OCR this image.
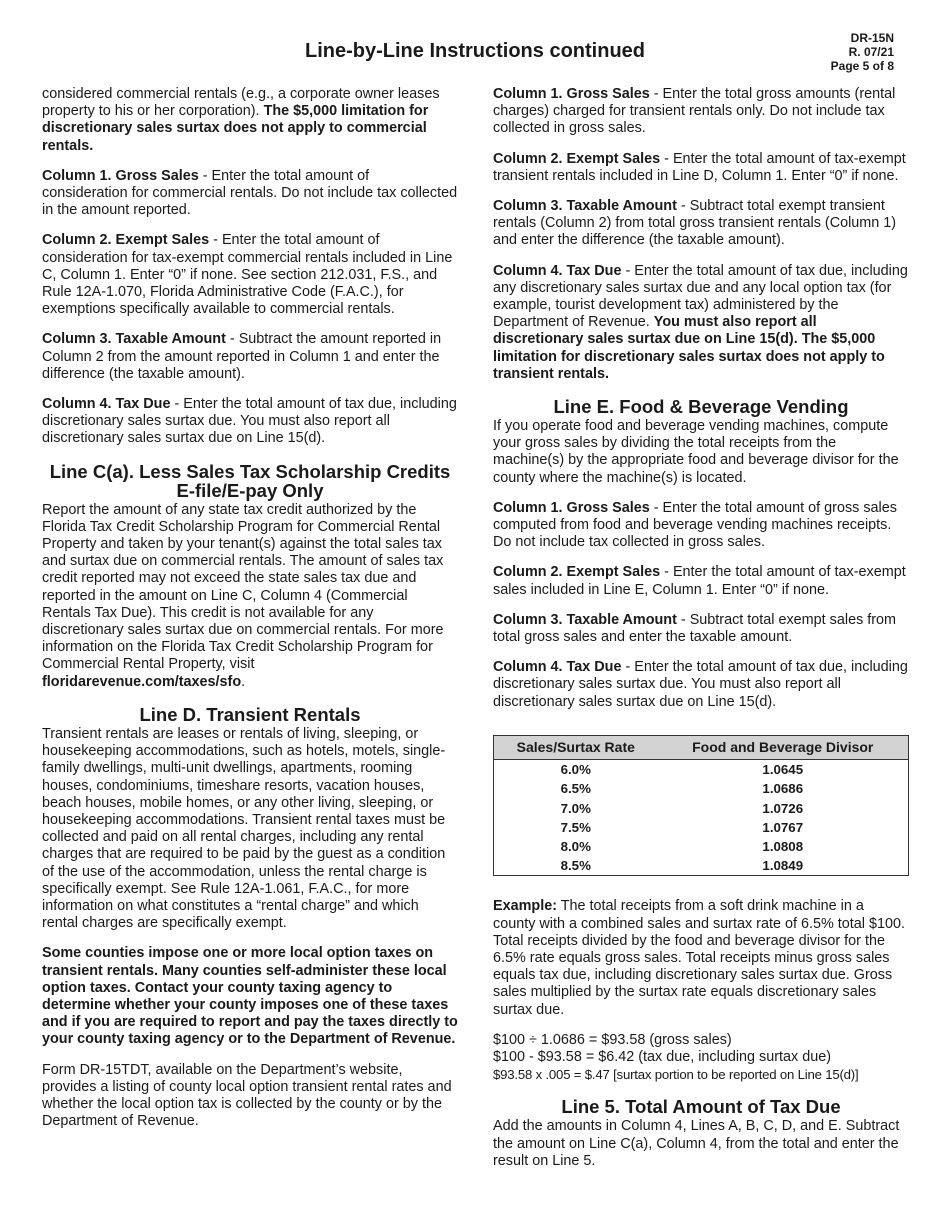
DR-15N
R. 07/21
Page 5 of 8
Line-by-Line Instructions continued

considered commercial rentals (e.g., a corporate owner leases property to his or her corporation). The $5,000 limitation for discretionary sales surtax does not apply to commercial rentals.

Column 1. Gross Sales - Enter the total amount of consideration for commercial rentals. Do not include tax collected in the amount reported.

Column 2. Exempt Sales - Enter the total amount of consideration for tax-exempt commercial rentals included in Line C, Column 1. Enter “0” if none. See section 212.031, F.S., and Rule 12A-1.070, Florida Administrative Code (F.A.C.), for exemptions specifically available to commercial rentals.

Column 3. Taxable Amount - Subtract the amount reported in Column 2 from the amount reported in Column 1 and enter the difference (the taxable amount).

Column 4. Tax Due - Enter the total amount of tax due, including discretionary sales surtax due. You must also report all discretionary sales surtax due on Line 15(d).

Line C(a). Less Sales Tax Scholarship Credits
E-file/E-pay Only

Report the amount of any state tax credit authorized by the Florida Tax Credit Scholarship Program for Commercial Rental Property and taken by your tenant(s) against the total sales tax and surtax due on commercial rentals. The amount of sales tax credit reported may not exceed the state sales tax due and reported in the amount on Line C, Column 4 (Commercial Rentals Tax Due). This credit is not available for any discretionary sales surtax due on commercial rentals. For more information on the Florida Tax Credit Scholarship Program for Commercial Rental Property, visit floridarevenue.com/taxes/sfo.

Line D. Transient Rentals

Transient rentals are leases or rentals of living, sleeping, or housekeeping accommodations, such as hotels, motels, single-family dwellings, multi-unit dwellings, apartments, rooming houses, condominiums, timeshare resorts, vacation houses, beach houses, mobile homes, or any other living, sleeping, or housekeeping accommodations. Transient rental taxes must be collected and paid on all rental charges, including any rental charges that are required to be paid by the guest as a condition of the use of the accommodation, unless the rental charge is specifically exempt. See Rule 12A-1.061, F.A.C., for more information on what constitutes a “rental charge” and which rental charges are specifically exempt.

Some counties impose one or more local option taxes on transient rentals. Many counties self-administer these local option taxes. Contact your county taxing agency to determine whether your county imposes one of these taxes and if you are required to report and pay the taxes directly to your county taxing agency or to the Department of Revenue.

Form DR-15TDT, available on the Department’s website, provides a listing of county local option transient rental rates and whether the local option tax is collected by the county or by the Department of Revenue.

Column 1. Gross Sales - Enter the total gross amounts (rental charges) charged for transient rentals only. Do not include tax collected in gross sales.

Column 2. Exempt Sales - Enter the total amount of tax-exempt transient rentals included in Line D, Column 1. Enter “0” if none.

Column 3. Taxable Amount - Subtract total exempt transient rentals (Column 2) from total gross transient rentals (Column 1) and enter the difference (the taxable amount).

Column 4. Tax Due - Enter the total amount of tax due, including any discretionary sales surtax due and any local option tax (for example, tourist development tax) administered by the Department of Revenue. You must also report all discretionary sales surtax due on Line 15(d). The $5,000 limitation for discretionary sales surtax does not apply to transient rentals.

Line E. Food & Beverage Vending

If you operate food and beverage vending machines, compute your gross sales by dividing the total receipts from the machine(s) by the appropriate food and beverage divisor for the county where the machine(s) is located.

Column 1. Gross Sales - Enter the total amount of gross sales computed from food and beverage vending machines receipts. Do not include tax collected in gross sales.

Column 2. Exempt Sales - Enter the total amount of tax-exempt sales included in Line E, Column 1. Enter “0” if none.

Column 3. Taxable Amount - Subtract total exempt sales from total gross sales and enter the taxable amount.

Column 4. Tax Due - Enter the total amount of tax due, including discretionary sales surtax due. You must also report all discretionary sales surtax due on Line 15(d).

Sales/Surtax Rate	Food and Beverage Divisor
6.0%	1.0645
6.5%	1.0686
7.0%	1.0726
7.5%	1.0767
8.0%	1.0808
8.5%	1.0849

Example: The total receipts from a soft drink machine in a county with a combined sales and surtax rate of 6.5% total $100. Total receipts divided by the food and beverage divisor for the 6.5% rate equals gross sales. Total receipts minus gross sales equals tax due, including discretionary sales surtax due. Gross sales multiplied by the surtax rate equals discretionary sales surtax due.

$100 ÷ 1.0686 = $93.58 (gross sales)

$100 - $93.58 = $6.42 (tax due, including surtax due)

$93.58 x .005 = $.47 [surtax portion to be reported on Line 15(d)]

Line 5. Total Amount of Tax Due

Add the amounts in Column 4, Lines A, B, C, D, and E. Subtract the amount on Line C(a), Column 4, from the total and enter the result on Line 5.
